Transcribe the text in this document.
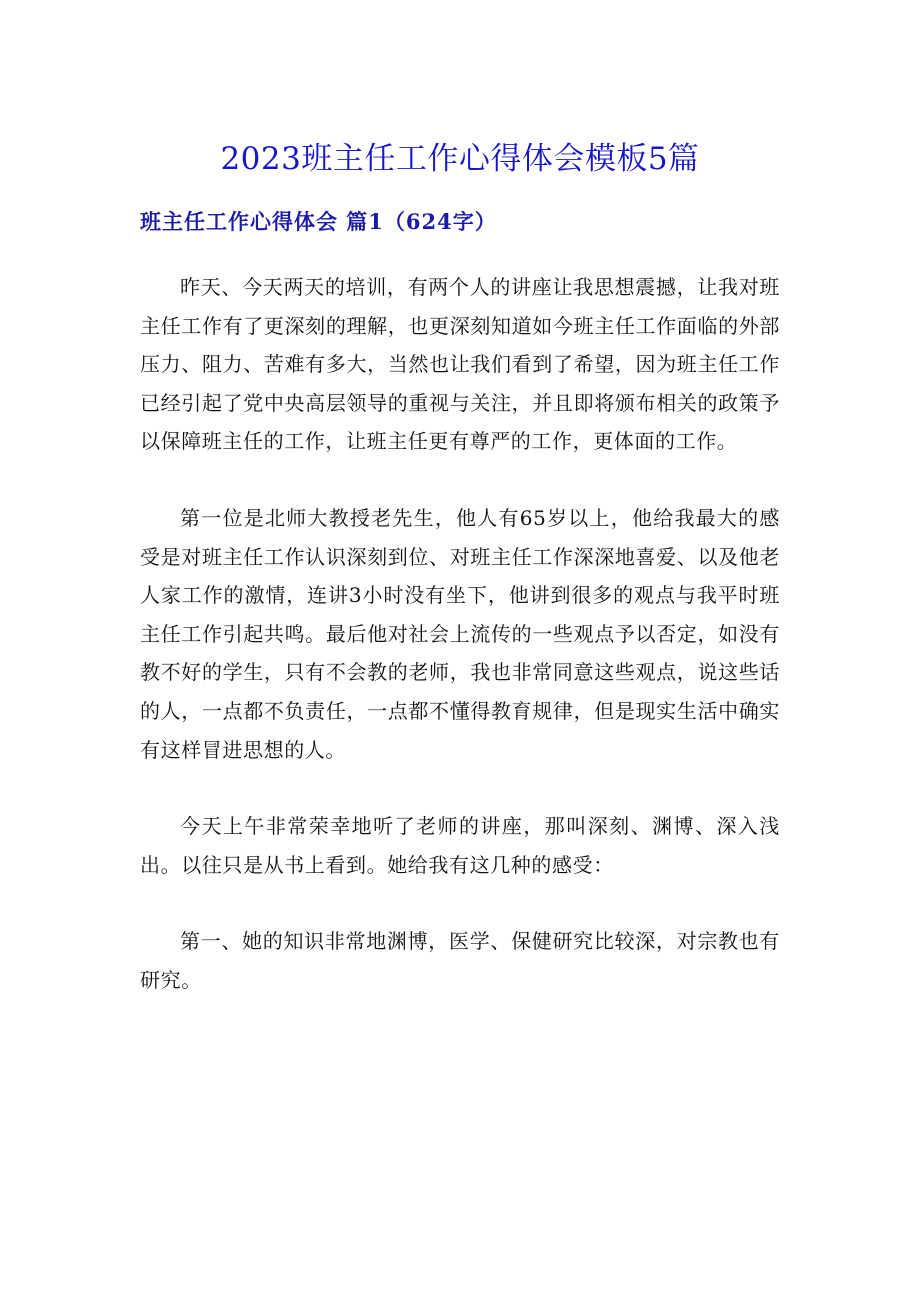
2023班主任工作心得体会模板5篇
班主任工作心得体会 篇1（624字）

昨天、今天两天的培训，有两个人的讲座让我思想震撼，让我对班主任工作有了更深刻的理解，也更深刻知道如今班主任工作面临的外部压力、阻力、苦难有多大，当然也让我们看到了希望，因为班主任工作已经引起了党中央高层领导的重视与关注，并且即将颁布相关的政策予以保障班主任的工作，让班主任更有尊严的工作，更体面的工作。

第一位是北师大教授老先生，他人有65岁以上，他给我最大的感受是对班主任工作认识深刻到位、对班主任工作深深地喜爱、以及他老人家工作的激情，连讲3小时没有坐下，他讲到很多的观点与我平时班主任工作引起共鸣。最后他对社会上流传的一些观点予以否定，如没有教不好的学生，只有不会教的老师，我也非常同意这些观点，说这些话的人，一点都不负责任，一点都不懂得教育规律，但是现实生活中确实有这样冒进思想的人。

今天上午非常荣幸地听了老师的讲座，那叫深刻、渊博、深入浅出。以往只是从书上看到。她给我有这几种的感受：

第一、她的知识非常地渊博，医学、保健研究比较深，对宗教也有研究。
